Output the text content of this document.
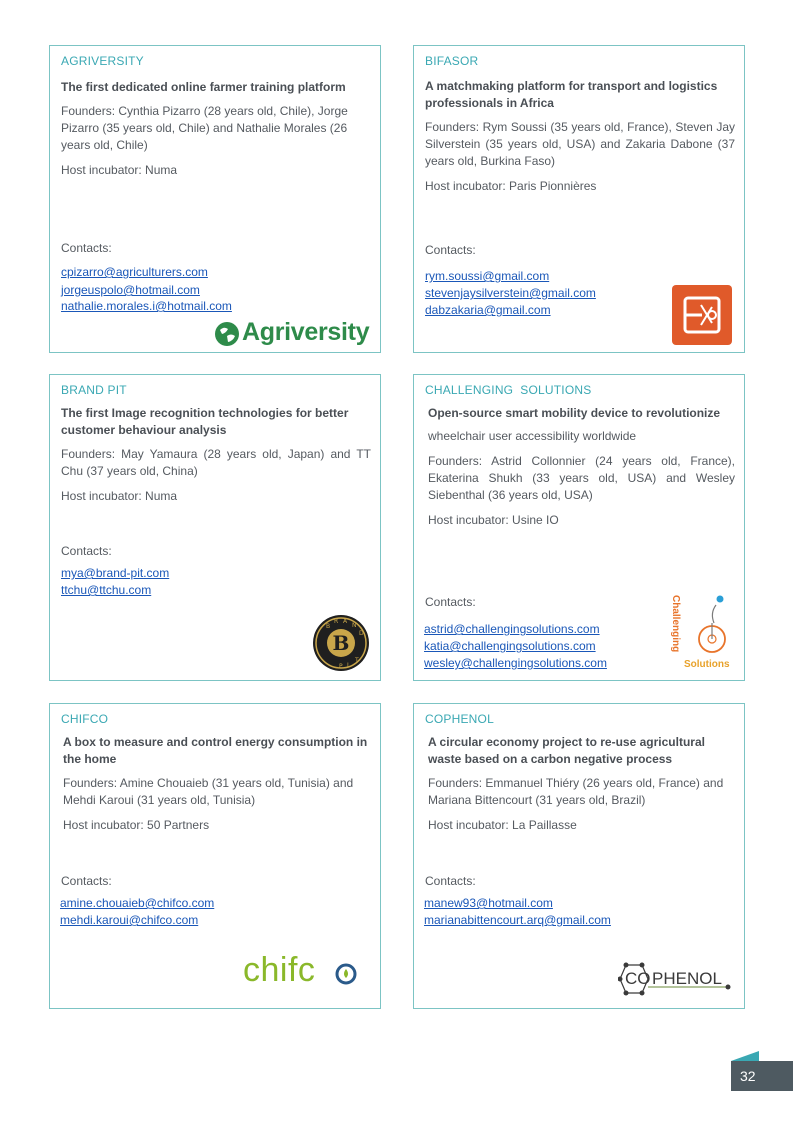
AGRIVERSITY

The first dedicated online farmer training platform

Founders: Cynthia Pizarro (28 years old, Chile), Jorge Pizarro (35 years old, Chile) and Nathalie Morales (26 years old, Chile)

Host incubator: Numa

Contacts:
cpizarro@agriculturers.com
jorgeuspolo@hotmail.com
nathalie.morales.i@hotmail.com
Agriversity
BIFASOR

A matchmaking platform for transport and logistics professionals in Africa

Founders: Rym Soussi (35 years old, France), Steven Jay Silverstein (35 years old, USA) and Zakaria Dabone (37 years old, Burkina Faso)

Host incubator: Paris Pionnières

Contacts:
rym.soussi@gmail.com
stevenjaysilverstein@gmail.com
dabzakaria@gmail.com
BRAND PIT

The first Image recognition technologies for better customer behaviour analysis

Founders: May Yamaura (28 years old, Japan) and TT Chu (37 years old, China)

Host incubator: Numa

Contacts:
mya@brand-pit.com
ttchu@ttchu.com
B
B
R A
N
D
T
I
P
CHALLENGING  SOLUTIONS

Open-source smart mobility device to revolutionize

wheelchair user accessibility worldwide

Founders: Astrid Collonnier (24 years old, France), Ekaterina Shukh (33 years old, USA) and Wesley Siebenthal (36 years old, USA)

Host incubator: Usine IO

Contacts:
astrid@challengingsolutions.com
katia@challengingsolutions.com
wesley@challengingsolutions.com
Challenging
Solutions
CHIFCO

A box to measure and control energy consumption in the home

Founders: Amine Chouaieb (31 years old, Tunisia) and Mehdi Karoui (31 years old, Tunisia)

Host incubator: 50 Partners

Contacts:
amine.chouaieb@chifco.com
mehdi.karoui@chifco.com
chifc
COPHENOL

A circular economy project to re-use agricultural waste based on a carbon negative process

Founders: Emmanuel Thiéry (26 years old, France) and Mariana Bittencourt (31 years old, Brazil)

Host incubator: La Paillasse

Contacts:
manew93@hotmail.com
marianabittencourt.arq@gmail.com
CO PHENOL
32
